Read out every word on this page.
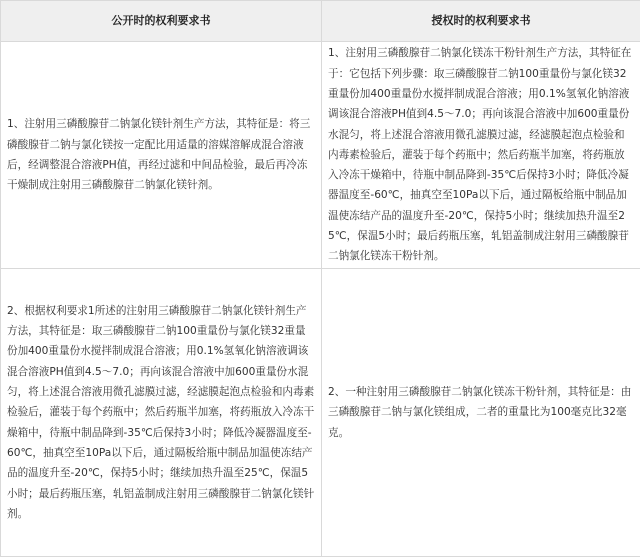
公开时的权利要求书	授权时的权利要求书
1、注射用三磷酸腺苷二钠氯化镁针剂生产方法，其特征是：将三磷酸腺苷二钠与氯化镁按一定配比用适量的溶媒溶解成混合溶液后，经调整混合溶液PH值，再经过滤和中间品检验，最后再冷冻干燥制成注射用三磷酸腺苷二钠氯化镁针剂。	1、注射用三磷酸腺苷二钠氯化镁冻干粉针剂生产方法，其特征在于：它包括下列步骤：取三磷酸腺苷二钠100重量份与氯化镁32重量份加400重量份水搅拌制成混合溶液；用0.1%氢氧化钠溶液调该混合溶液PH值到4.5～7.0；再向该混合溶液中加600重量份水混匀，将上述混合溶液用微孔滤膜过滤，经滤膜起泡点检验和内毒素检验后，灌装于每个药瓶中；然后药瓶半加塞，将药瓶放入冷冻干燥箱中，待瓶中制品降到-35℃后保持3小时；降低冷凝器温度至-60℃，抽真空至10Pa以下后，通过隔板给瓶中制品加温使冻结产品的温度升至-20℃，保持5小时；继续加热升温至25℃，保温5小时；最后药瓶压塞，轧铝盖制成注射用三磷酸腺苷二钠氯化镁冻干粉针剂。
2、根据权利要求1所述的注射用三磷酸腺苷二钠氯化镁针剂生产方法，其特征是：取三磷酸腺苷二钠100重量份与氯化镁32重量份加400重量份水搅拌制成混合溶液；用0.1%氢氧化钠溶液调该混合溶液PH值到4.5～7.0；再向该混合溶液中加600重量份水混匀，将上述混合溶液用微孔滤膜过滤，经滤膜起泡点检验和内毒素检验后，灌装于每个药瓶中；然后药瓶半加塞，将药瓶放入冷冻干燥箱中，待瓶中制品降到-35℃后保持3小时；降低冷凝器温度至-60℃，抽真空至10Pa以下后，通过隔板给瓶中制品加温使冻结产品的温度升至-20℃，保持5小时；继续加热升温至25℃，保温5小时；最后药瓶压塞，轧铝盖制成注射用三磷酸腺苷二钠氯化镁针剂。	2、一种注射用三磷酸腺苷二钠氯化镁冻干粉针剂，其特征是：由三磷酸腺苷二钠与氯化镁组成，二者的重量比为100毫克比32毫克。
